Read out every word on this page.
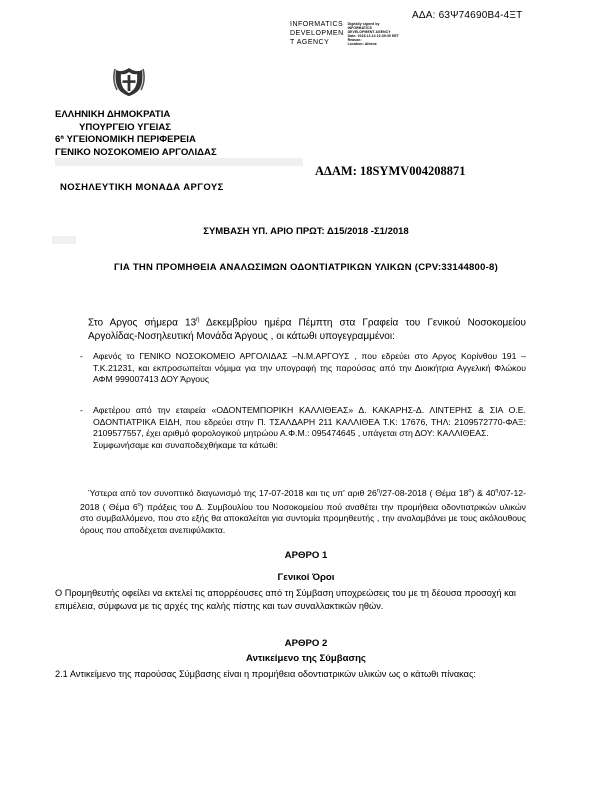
ΑΔΑ: 63Ψ74690Β4-4ΞΤ
INFORMATICS
DEVELOPMEN
T AGENCY
Digitally signed by
INFORMATICS
DEVELOPMENT AGENCY
Date: 2018.12.14 10:39:30 EET
Reason:
Location: Athens
ΕΛΛΗΝΙΚΗ ΔΗΜΟΚΡΑΤΙΑ
ΥΠΟΥΡΓΕΙΟ ΥΓΕΙΑΣ
6ª ΥΓΕΙΟΝΟΜΙΚΗ ΠΕΡΙΦΕΡΕΙΑ
ΓΕΝΙΚΟ ΝΟΣΟΚΟΜΕΙΟ ΑΡΓΟΛΙΔΑΣ
ΑΔΑΜ: 18SYMV004208871
ΝΟΣΗΛΕΥΤΙΚΗ ΜΟΝΑΔΑ ΑΡΓΟΥΣ
ΣΥΜΒΑΣΗ ΥΠ. ΑΡΙΟ ΠΡΩΤ: Δ15/2018 -Σ1/2018
ΓΙΑ ΤΗΝ ΠΡΟΜΗΘΕΙΑ ΑΝΑΛΩΣΙΜΩΝ ΟΔΟΝΤΙΑΤΡΙΚΩΝ ΥΛΙΚΩΝ (CPV:33144800-8)
Στο Αργος σήμερα $13^\eta$ Δεκεμβρίου ημέρα Πέμπτη στα Γραφεία του Γενικού Νοσοκομείου Αργολίδας-Νοσηλευτική Μονάδα Άργους , οι κάτωθι υπογεγραμμένοι:
- Αφενός το ΓΕΝΙΚΟ ΝΟΣΟΚΟΜΕΙΟ ΑΡΓΟΛΙΔΑΣ –Ν.Μ.ΑΡΓΟΥΣ , που εδρεύει στο Αργος Κορίνθου 191 – Τ.Κ.21231, και εκπροσωπείται νόμιμα για την υπογραφή της παρούσας από την Διοικήτρια Αγγελική Φλώκου ΑΦΜ 999007413 ΔΟΥ Άργους
- Αφετέρου από την εταιρεία «ΟΔΟΝΤΕΜΠΟΡΙΚΗ ΚΑΛΛΙΘΕΑΣ» Δ. ΚΑΚΑΡΗΣ-Δ. ΛΙΝΤΕΡΗΣ & ΣΙΑ Ο.Ε. ΟΔΟΝΤΙΑΤΡΙΚΑ ΕΙΔΗ, που εδρεύει στην Π. ΤΣΑΛΔΑΡΗ 211 ΚΑΛΛΙΘΕΑ Τ.Κ: 17676, ΤΗΛ: 2109572770-ΦΑΞ: 2109577557, έχει αριθμό φορολογικού μητρώου Α.Φ.Μ.: 095474645 , υπάγεται στη ΔΟΥ: ΚΑΛΛΙΘΕΑΣ.
Συμφωνήσαμε και συναποδεχθήκαμε τα κάτωθι:
Ύστερα από τον συνοπτικό διαγωνισμό της 17-07-2018 και τις υπ' αριθ $26^\eta/27-08-2018$ ( Θέμα $18^o$) & $40^\eta/07-12-2018$ ( Θέμα $6^o$) πράξεις του Δ. Συμβουλίου του Νοσοκομείου πού αναθέτει την προμήθεια οδοντιατρικών υλικών στο συμβαλλόμενο, που στο εξής θα αποκαλείται για συντομία προμηθευτής , την αναλαμβάνει με τους ακόλουθους όρους που αποδέχεται ανεπιφύλακτα.
ΑΡΘΡΟ 1
Γενικοί Όροι
Ο Προμηθευτής οφείλει να εκτελεί τις απορρέουσες από τη Σύμβαση υποχρεώσεις του με τη δέουσα προσοχή και επιμέλεια, σύμφωνα με τις αρχές της καλής πίστης και των συναλλακτικών ηθών.
ΑΡΘΡΟ 2
Αντικείμενο της Σύμβασης
2.1 Αντικείμενο της παρούσας Σύμβασης είναι η προμήθεια οδοντιατρικών υλικών ως ο κάτωθι πίνακας:
